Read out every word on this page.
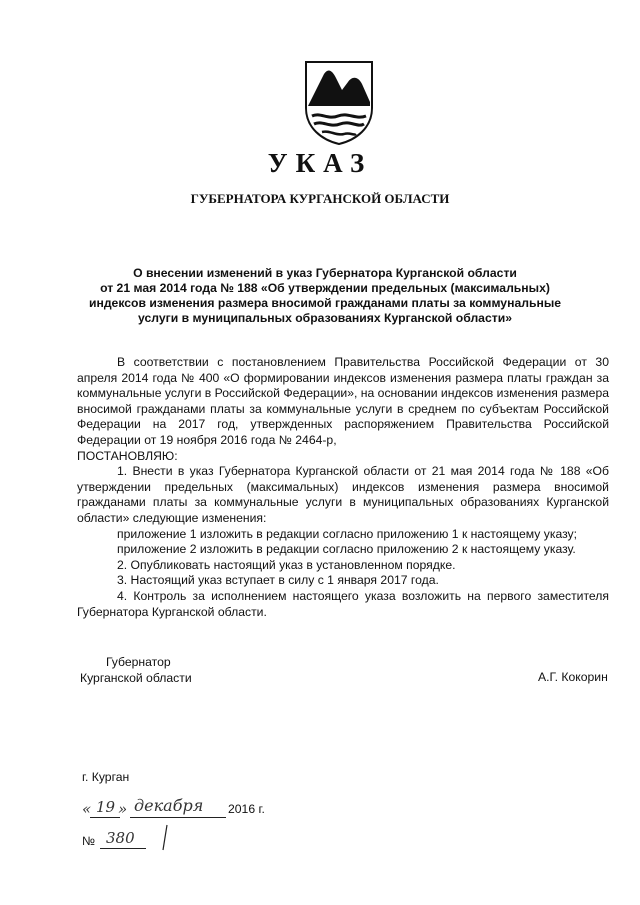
УКАЗ
ГУБЕРНАТОРА КУРГАНСКОЙ ОБЛАСТИ
О внесении изменений в указ Губернатора Курганской области
от 21 мая 2014 года № 188 «Об утверждении предельных (максимальных)
индексов изменения размера вносимой гражданами платы за коммунальные
услуги в муниципальных образованиях Курганской области»

В соответствии с постановлением Правительства Российской Федерации от 30 апреля 2014 года № 400 «О формировании индексов изменения размера платы граждан за коммунальные услуги в Российской Федерации», на основании индексов изменения размера вносимой гражданами платы за коммунальные услуги в среднем по субъектам Российской Федерации на 2017 год, утвержденных распоряжением Правительства Российской Федерации от 19 ноября 2016 года № 2464-р,

ПОСТАНОВЛЯЮ:

1. Внести в указ Губернатора Курганской области от 21 мая 2014 года № 188 «Об утверждении предельных (максимальных) индексов изменения размера вносимой гражданами платы за коммунальные услуги в муниципальных образованиях Курганской области» следующие изменения:

приложение 1 изложить в редакции согласно приложению 1 к настоящему указу;

приложение 2 изложить в редакции согласно приложению 2 к настоящему указу.

2. Опубликовать настоящий указ в установленном порядке.

3. Настоящий указ вступает в силу с 1 января 2017 года.

4. Контроль за исполнением настоящего указа возложить на первого заместителя Губернатора Курганской области.

Губернатор
Курганской области	А.Г. Кокорин
г. Курган
« 19 » декабря 2016 г.
№ 380
